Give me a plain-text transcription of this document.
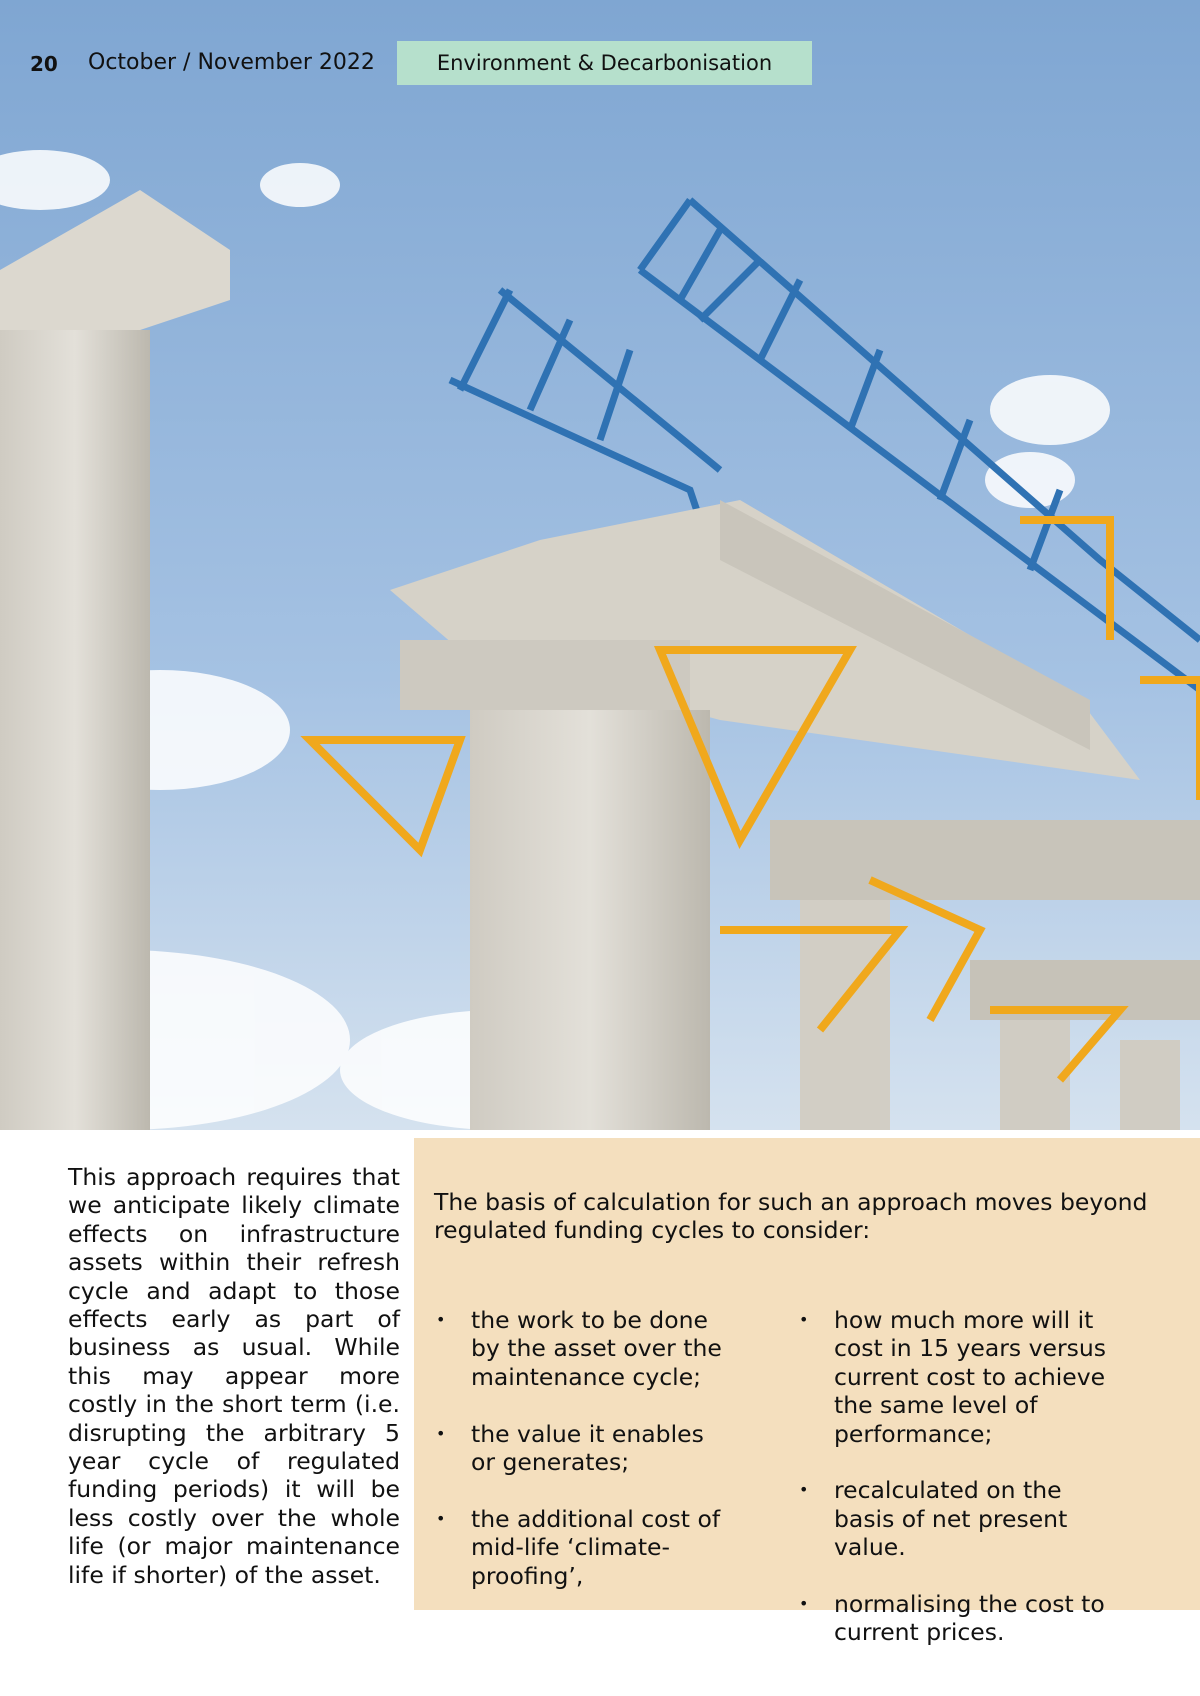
20 October / November 2022	Environment & Decarbonisation

This approach requires that we anticipate likely climate effects on infrastructure assets within their refresh cycle and adapt to those effects early as part of business as usual. While this may appear more costly in the short term (i.e. disrupting the arbitrary 5 year cycle of regulated funding periods) it will be less costly over the whole life (or major maintenance life if shorter) of the asset.

The basis of calculation for such an approach moves beyond regulated funding cycles to consider:

• the work to be done by the asset over the maintenance cycle;
• the value it enables or generates;
• the additional cost of mid-life ‘climate-proofing’,
• how much more will it cost in 15 years versus current cost to achieve the same level of performance;
• recalculated on the basis of net present value.
• normalising the cost to current prices.
